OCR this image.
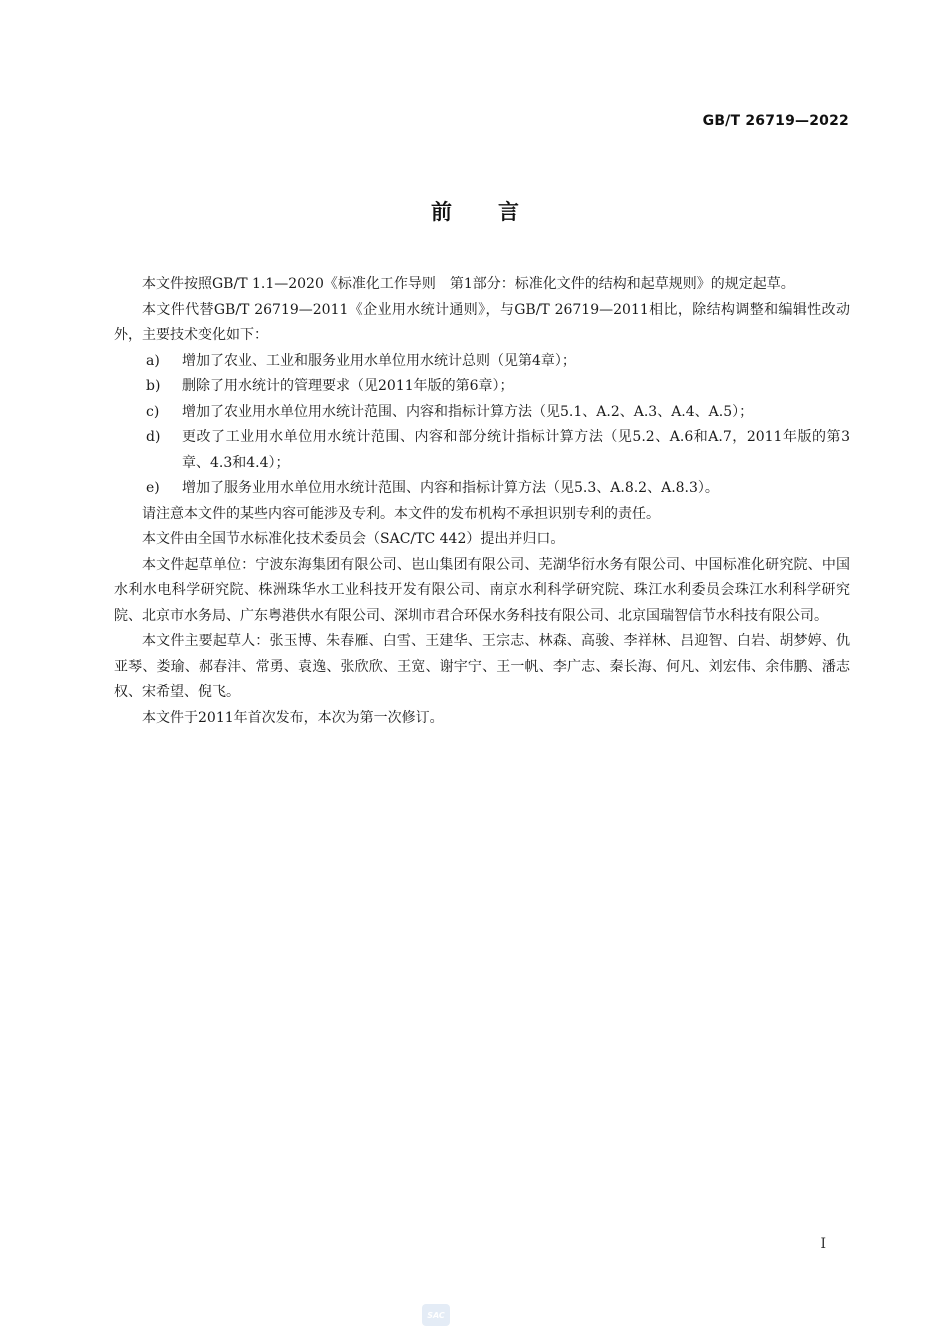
GB/T 26719—2022
前言

本文件按照GB/T 1.1—2020《标准化工作导则　第1部分：标准化文件的结构和起草规则》的规定起草。

本文件代替GB/T 26719—2011《企业用水统计通则》，与GB/T 26719—2011相比，除结构调整和编辑性改动外，主要技术变化如下：

a)	增加了农业、工业和服务业用水单位用水统计总则（见第4章）；
b)	删除了用水统计的管理要求（见2011年版的第6章）；
c)	增加了农业用水单位用水统计范围、内容和指标计算方法（见5.1、A.2、A.3、A.4、A.5）；
d)	更改了工业用水单位用水统计范围、内容和部分统计指标计算方法（见5.2、A.6和A.7，2011年版的第3章、4.3和4.4）；
e)	增加了服务业用水单位用水统计范围、内容和指标计算方法（见5.3、A.8.2、A.8.3）。

请注意本文件的某些内容可能涉及专利。本文件的发布机构不承担识别专利的责任。

本文件由全国节水标准化技术委员会（SAC/TC 442）提出并归口。

本文件起草单位：宁波东海集团有限公司、岜山集团有限公司、芜湖华衍水务有限公司、中国标准化研究院、中国水利水电科学研究院、株洲珠华水工业科技开发有限公司、南京水利科学研究院、珠江水利委员会珠江水利科学研究院、北京市水务局、广东粤港供水有限公司、深圳市君合环保水务科技有限公司、北京国瑞智信节水科技有限公司。

本文件主要起草人：张玉博、朱春雁、白雪、王建华、王宗志、林森、高骏、李祥林、吕迎智、白岩、胡梦婷、仇亚琴、娄瑜、郝春沣、常勇、袁逸、张欣欣、王宽、谢宇宁、王一帆、李广志、秦长海、何凡、刘宏伟、余伟鹏、潘志权、宋希望、倪飞。

本文件于2011年首次发布，本次为第一次修订。

I
SAC
